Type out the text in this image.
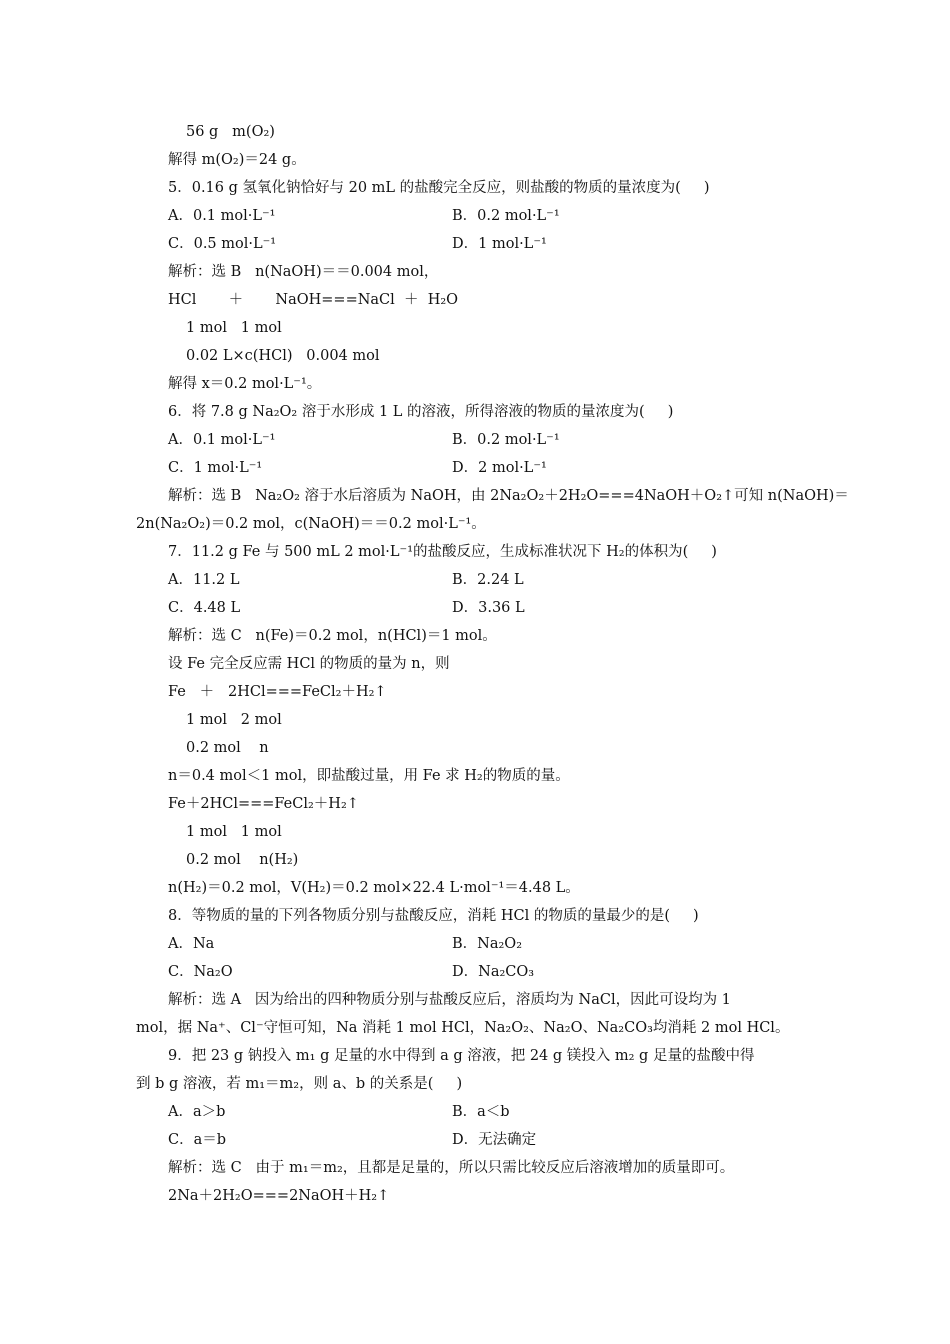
56 g   m(O₂)
解得 m(O₂)＝24 g。
5．0.16 g 氢氧化钠恰好与 20 mL 的盐酸完全反应，则盐酸的物质的量浓度为(     )
A．0.1 mol·L⁻¹	B．0.2 mol·L⁻¹
C．0.5 mol·L⁻¹	D．1 mol·L⁻¹
解析：选 B   n(NaOH)＝＝0.004 mol，
HCl       ＋       NaOH===NaCl  ＋  H₂O
1 mol   1 mol
0.02 L×c(HCl)   0.004 mol
解得 x＝0.2 mol·L⁻¹。
6．将 7.8 g Na₂O₂ 溶于水形成 1 L 的溶液，所得溶液的物质的量浓度为(     )
A．0.1 mol·L⁻¹	B．0.2 mol·L⁻¹
C．1 mol·L⁻¹	D．2 mol·L⁻¹
解析：选 B   Na₂O₂ 溶于水后溶质为 NaOH，由 2Na₂O₂＋2H₂O===4NaOH＋O₂↑可知 n(NaOH)＝
2n(Na₂O₂)＝0.2 mol，c(NaOH)＝＝0.2 mol·L⁻¹。
7．11.2 g Fe 与 500 mL 2 mol·L⁻¹的盐酸反应，生成标准状况下 H₂的体积为(     )
A．11.2 L	B．2.24 L
C．4.48 L	D．3.36 L
解析：选 C   n(Fe)＝0.2 mol，n(HCl)＝1 mol。
设 Fe 完全反应需 HCl 的物质的量为 n，则
Fe   ＋   2HCl===FeCl₂＋H₂↑
1 mol   2 mol
0.2 mol    n
n＝0.4 mol＜1 mol，即盐酸过量，用 Fe 求 H₂的物质的量。
Fe＋2HCl===FeCl₂＋H₂↑
1 mol   1 mol
0.2 mol    n(H₂)
n(H₂)＝0.2 mol，V(H₂)＝0.2 mol×22.4 L·mol⁻¹＝4.48 L。
8．等物质的量的下列各物质分别与盐酸反应，消耗 HCl 的物质的量最少的是(     )
A．Na	B．Na₂O₂
C．Na₂O	D．Na₂CO₃
解析：选 A   因为给出的四种物质分别与盐酸反应后，溶质均为 NaCl，因此可设均为 1
mol，据 Na⁺、Cl⁻守恒可知，Na 消耗 1 mol HCl，Na₂O₂、Na₂O、Na₂CO₃均消耗 2 mol HCl。
9．把 23 g 钠投入 m₁ g 足量的水中得到 a g 溶液，把 24 g 镁投入 m₂ g 足量的盐酸中得
到 b g 溶液，若 m₁＝m₂，则 a、b 的关系是(     )
A．a＞b	B．a＜b
C．a＝b	D．无法确定
解析：选 C   由于 m₁＝m₂，且都是足量的，所以只需比较反应后溶液增加的质量即可。
2Na＋2H₂O===2NaOH＋H₂↑
